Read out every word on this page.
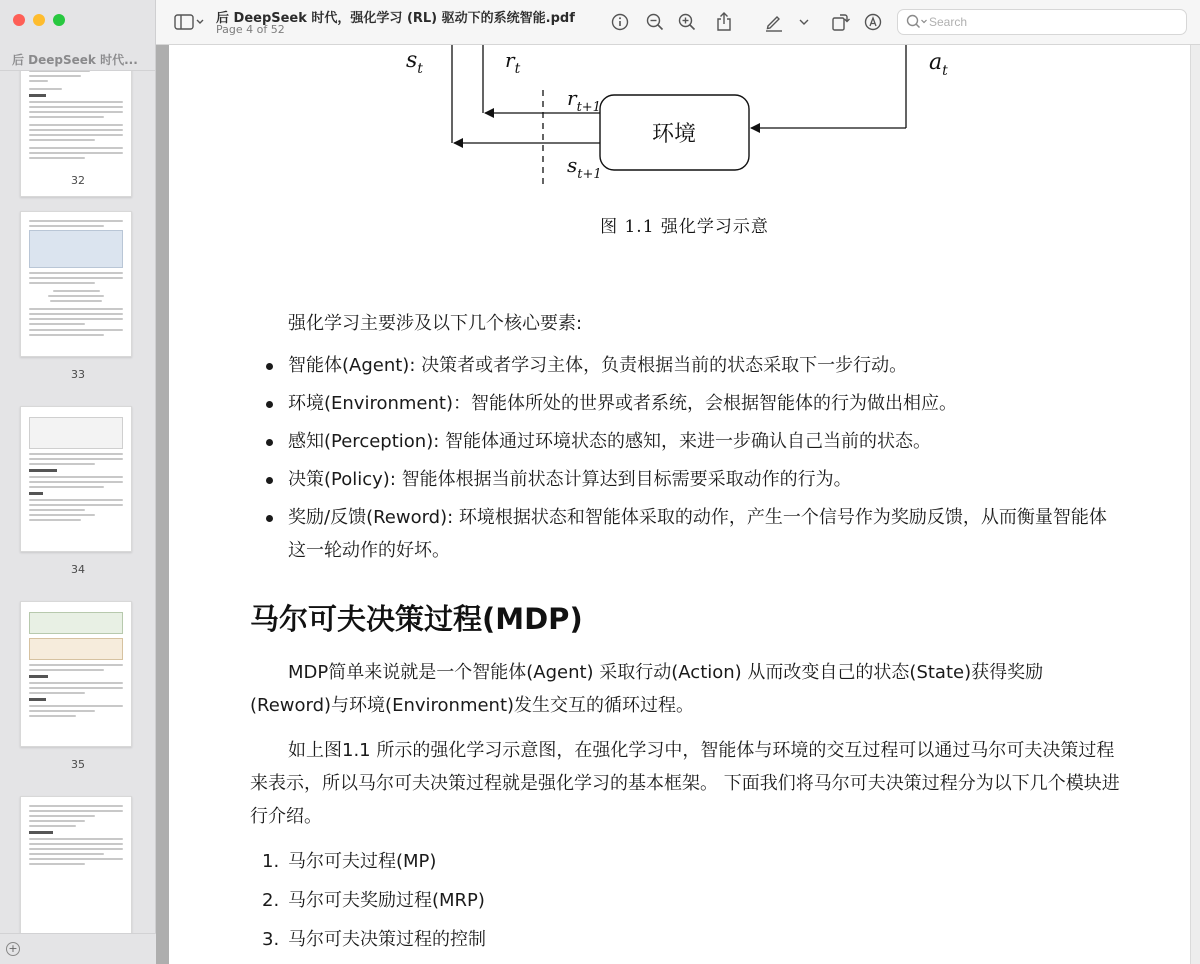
后 DeepSeek 时代...
32
33
34
35
+
后 DeepSeek 时代，强化学习 (RL) 驱动下的系统智能.pdf
Page 4 of 52
Search
$s_t$	$r_t$	$a_t$
$r_{t+1}$
$s_{t+1}$
环境
图 1.1 强化学习示意

强化学习主要涉及以下几个核心要素:

智能体(Agent): 决策者或者学习主体，负责根据当前的状态采取下一步行动。
环境(Environment)：智能体所处的世界或者系统，会根据智能体的行为做出相应。
感知(Perception): 智能体通过环境状态的感知，来进一步确认自己当前的状态。
决策(Policy): 智能体根据当前状态计算达到目标需要采取动作的行为。
奖励/反馈(Reword): 环境根据状态和智能体采取的动作，产生一个信号作为奖励反馈，从而衡量智能体这一轮动作的好坏。
马尔可夫决策过程(MDP)

MDP简单来说就是一个智能体(Agent) 采取行动(Action) 从而改变自己的状态(State)获得奖励(Reword)与环境(Environment)发生交互的循环过程。

如上图1.1 所示的强化学习示意图，在强化学习中，智能体与环境的交互过程可以通过马尔可夫决策过程来表示，所以马尔可夫决策过程就是强化学习的基本框架。 下面我们将马尔可夫决策过程分为以下几个模块进行介绍。

1. 马尔可夫过程(MP)
2. 马尔可夫奖励过程(MRP)
3. 马尔可夫决策过程的控制
